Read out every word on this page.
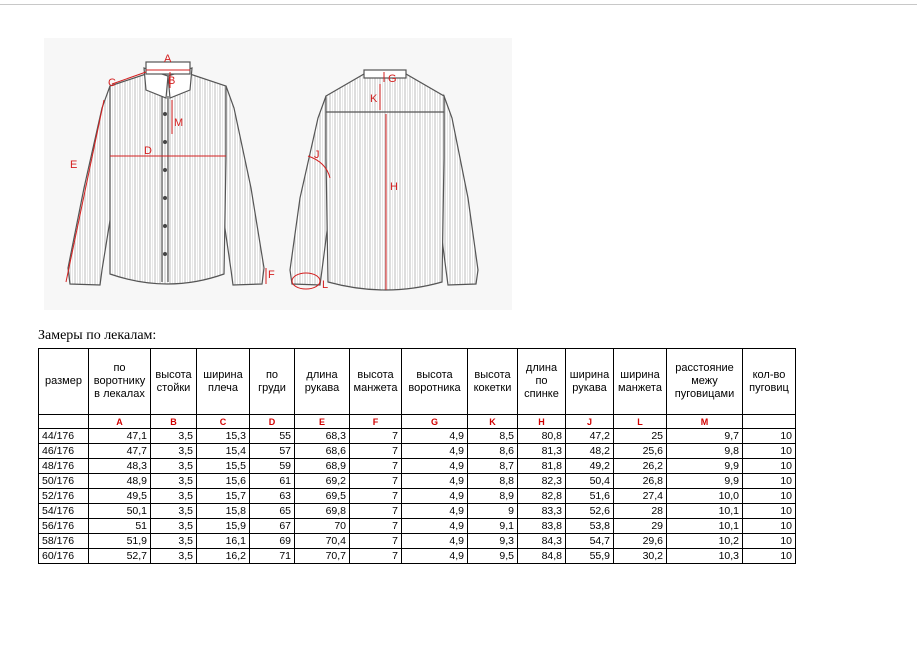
A
B
C
M
D
E
F
G
K
J
H
L
Замеры по лекалам:
размер	по воротнику в лекалах	высота стойки	ширина плеча	по груди	длина рукава	высота манжета	высота воротника	высота кокетки	длина по спинке	ширина рукава	ширина манжета	расстояние межу пуговицами	кол-во пуговиц
	A	B	C	D	E	F	G	K	H	J	L	M	
44/176	47,1	3,5	15,3	55	68,3	7	4,9	8,5	80,8	47,2	25	9,7	10
46/176	47,7	3,5	15,4	57	68,6	7	4,9	8,6	81,3	48,2	25,6	9,8	10
48/176	48,3	3,5	15,5	59	68,9	7	4,9	8,7	81,8	49,2	26,2	9,9	10
50/176	48,9	3,5	15,6	61	69,2	7	4,9	8,8	82,3	50,4	26,8	9,9	10
52/176	49,5	3,5	15,7	63	69,5	7	4,9	8,9	82,8	51,6	27,4	10,0	10
54/176	50,1	3,5	15,8	65	69,8	7	4,9	9	83,3	52,6	28	10,1	10
56/176	51	3,5	15,9	67	70	7	4,9	9,1	83,8	53,8	29	10,1	10
58/176	51,9	3,5	16,1	69	70,4	7	4,9	9,3	84,3	54,7	29,6	10,2	10
60/176	52,7	3,5	16,2	71	70,7	7	4,9	9,5	84,8	55,9	30,2	10,3	10
